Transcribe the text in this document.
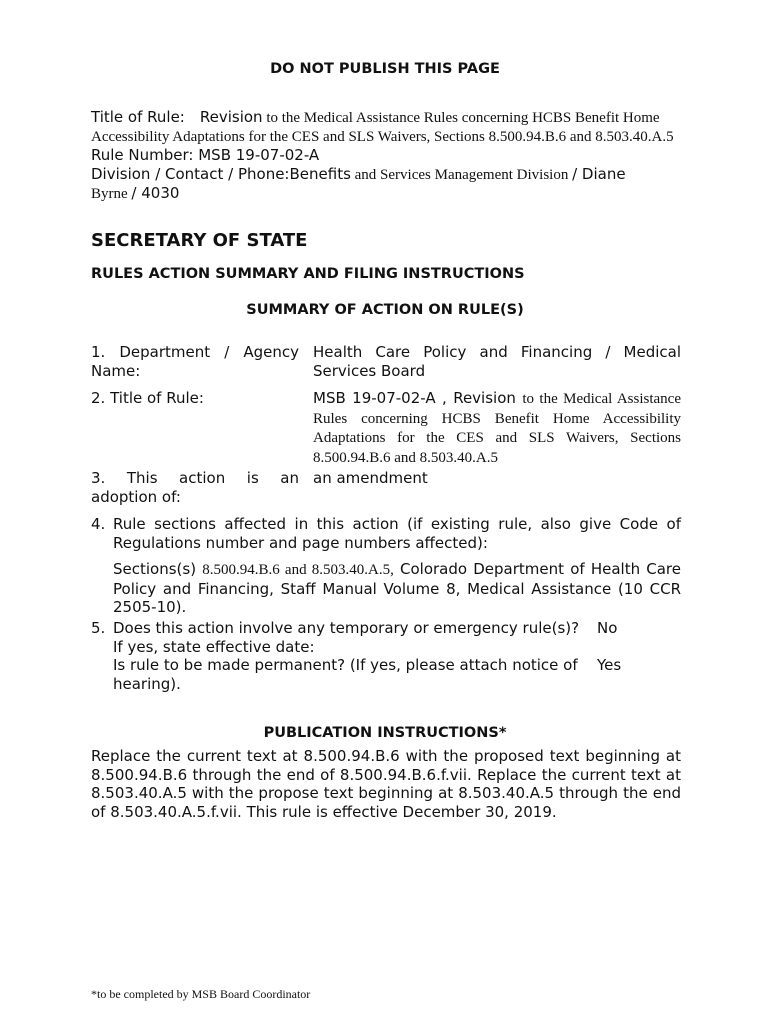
DO NOT PUBLISH THIS PAGE
Title of Rule: Revision to the Medical Assistance Rules concerning HCBS Benefit Home Accessibility Adaptations for the CES and SLS Waivers, Sections 8.500.94.B.6 and 8.503.40.A.5
Rule Number: MSB 19-07-02-A
Division / Contact / Phone:Benefits and Services Management Division / Diane
Byrne / 4030
SECRETARY OF STATE
RULES ACTION SUMMARY AND FILING INSTRUCTIONS
SUMMARY OF ACTION ON RULE(S)
1. Department / Agency Name:
Health Care Policy and Financing / Medical Services Board
2. Title of Rule:	MSB 19-07-02-A , Revision to the Medical Assistance Rules concerning HCBS Benefit Home Accessibility Adaptations for the CES and SLS Waivers, Sections 8.500.94.B.6 and 8.503.40.A.5
3. This action is an
adoption of:
an amendment
4. Rule sections affected in this action (if existing rule, also give Code of Regulations number and page numbers affected):
Sections(s) 8.500.94.B.6 and 8.503.40.A.5, Colorado Department of Health Care Policy and Financing, Staff Manual Volume 8, Medical Assistance (10 CCR 2505-10).
5. Does this action involve any temporary or emergency rule(s)?	No
If yes, state effective date:
Is rule to be made permanent? (If yes, please attach notice of hearing).
Yes
PUBLICATION INSTRUCTIONS*
Replace the current text at 8.500.94.B.6 with the proposed text beginning at 8.500.94.B.6 through the end of 8.500.94.B.6.f.vii. Replace the current text at 8.503.40.A.5 with the propose text beginning at 8.503.40.A.5 through the end of 8.503.40.A.5.f.vii. This rule is effective December 30, 2019.
*to be completed by MSB Board Coordinator
